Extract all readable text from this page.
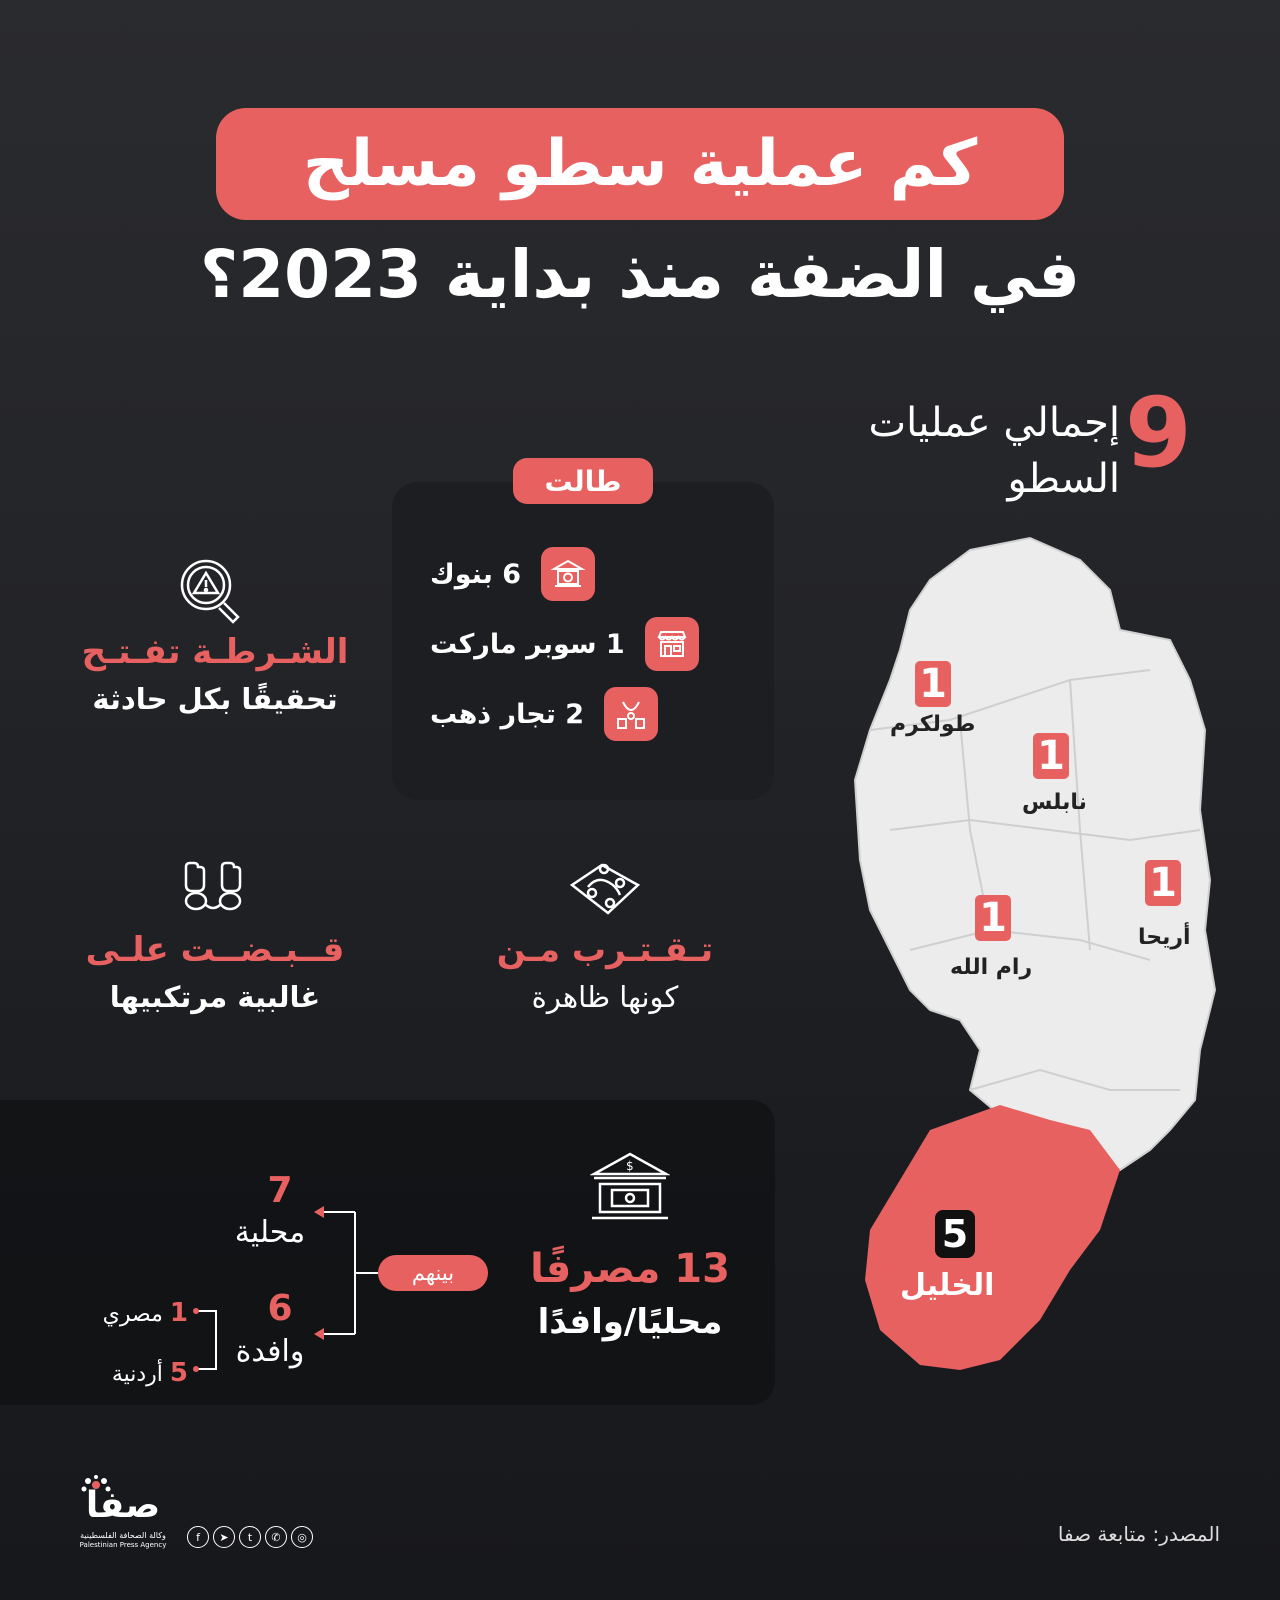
كم عملية سطو مسلح
في الضفة منذ بداية 2023؟
9
إجمالي عمليات
السطو
طالت
6 بنوك
1 سوبر ماركت
2 تجار ذهب
الشـرطـة تفـتـح
تحقيقًا بكل حادثة
قــبـضــت علـى
غالبية مرتكبيها
تـقـتـرب مـن
كونها ظاهرة
1
طولكرم
1
نابلس
1
أريحا
1
رام الله
5
الخليل
$
13 مصرفًا
محليًا/وافدًا
بينهم
7
محلية
6
وافدة
1 مصري
5 أردنية
صفا
وكالة الصحافة الفلسطينية
Palestinian Press Agency
f	➤	t	✆	◎	المصدر: متابعة صفا
